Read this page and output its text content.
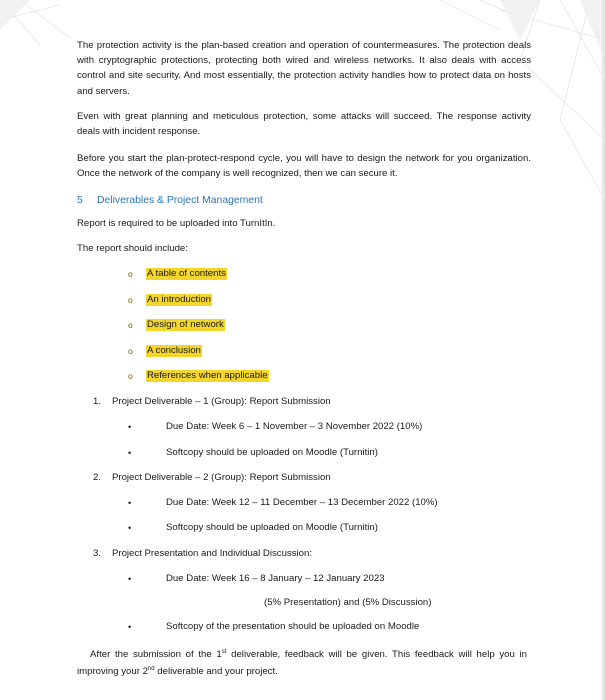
The protection activity is the plan-based creation and operation of countermeasures. The protection deals with cryptographic protections, protecting both wired and wireless networks. It also deals with access control and site security. And most essentially, the protection activity handles how to protect data on hosts and servers.

Even with great planning and meticulous protection, some attacks will succeed. The response activity deals with incident response.

Before you start the plan-protect-respond cycle, you will have to design the network for you organization. Once the network of the company is well recognized, then we can secure it.

5 Deliverables & Project Management
Report is required to be uploaded into TurnItIn.
The report should include:
o A table of contents
o An introduction
o Design of network
o A conclusion
o References when applicable
1. Project Deliverable – 1 (Group): Report Submission
•	Due Date: Week 6 – 1 November – 3 November 2022 (10%)
•	Softcopy should be uploaded on Moodle (Turnitin)
2. Project Deliverable – 2 (Group): Report Submission
•	Due Date: Week 12 – 11 December – 13 December 2022 (10%)
•	Softcopy should be uploaded on Moodle (Turnitin)
3. Project Presentation and Individual Discussion:
•	Due Date: Week 16 – 8 January – 12 January 2023
(5% Presentation) and (5% Discussion)
•	Softcopy of the presentation should be uploaded on Moodle

After the submission of the 1st deliverable, feedback will be given. This feedback will help you in improving your 2nd deliverable and your project.
